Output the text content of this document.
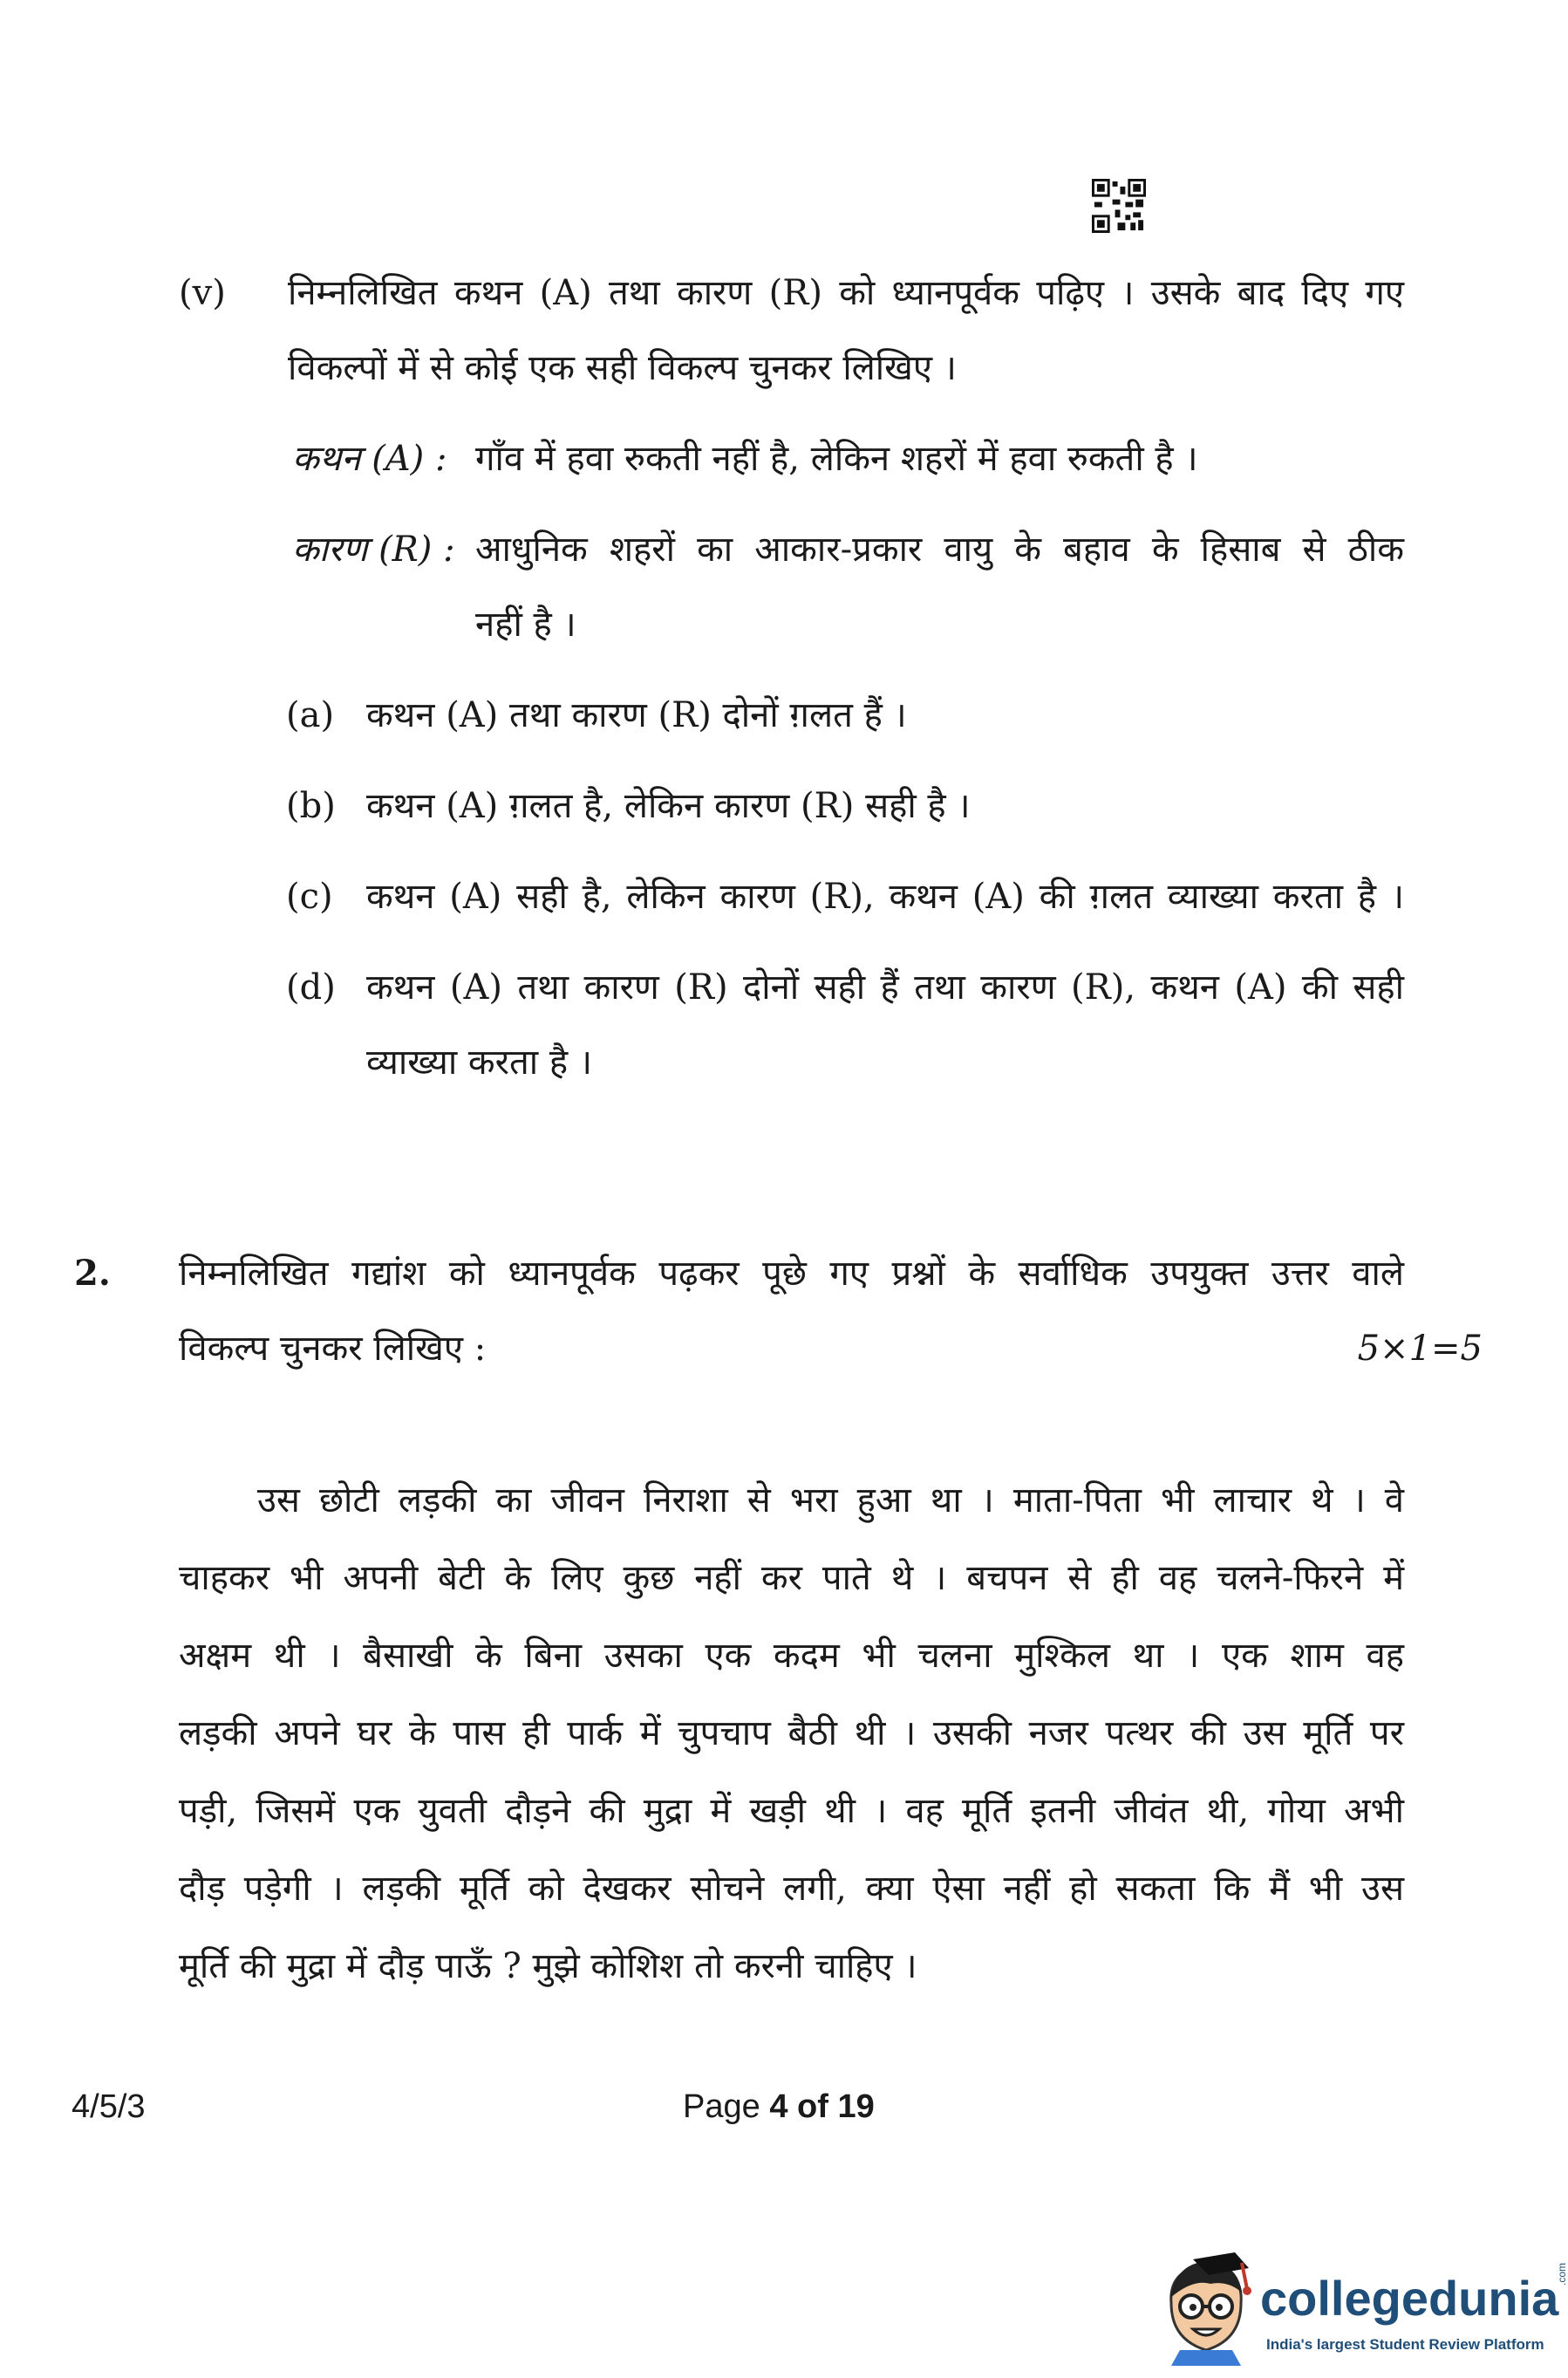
(v) निम्नलिखित कथन (A) तथा कारण (R) को ध्यानपूर्वक पढ़िए । उसके बाद दिए गए
विकल्पों में से कोई एक सही विकल्प चुनकर लिखिए ।
कथन (A) : गाँव में हवा रुकती नहीं है, लेकिन शहरों में हवा रुकती है ।
कारण (R) : आधुनिक शहरों का आकार-प्रकार वायु के बहाव के हिसाब से ठीक
नहीं है ।
(a) कथन (A) तथा कारण (R) दोनों ग़लत हैं ।
(b) कथन (A) ग़लत है, लेकिन कारण (R) सही है ।
(c) कथन (A) सही है, लेकिन कारण (R), कथन (A) की ग़लत व्याख्या करता है ।
(d) कथन (A) तथा कारण (R) दोनों सही हैं तथा कारण (R), कथन (A) की सही
व्याख्या करता है ।
2. निम्नलिखित गद्यांश को ध्यानपूर्वक पढ़कर पूछे गए प्रश्नों के सर्वाधिक उपयुक्त उत्तर वाले
विकल्प चुनकर लिखिए :	5×1=5
उस छोटी लड़की का जीवन निराशा से भरा हुआ था । माता-पिता भी लाचार थे । वे
चाहकर भी अपनी बेटी के लिए कुछ नहीं कर पाते थे । बचपन से ही वह चलने-फिरने में
अक्षम थी । बैसाखी के बिना उसका एक कदम भी चलना मुश्किल था । एक शाम वह
लड़की अपने घर के पास ही पार्क में चुपचाप बैठी थी । उसकी नजर पत्थर की उस मूर्ति पर
पड़ी, जिसमें एक युवती दौड़ने की मुद्रा में खड़ी थी । वह मूर्ति इतनी जीवंत थी, गोया अभी
दौड़ पड़ेगी । लड़की मूर्ति को देखकर सोचने लगी, क्या ऐसा नहीं हो सकता कि मैं भी उस
मूर्ति की मुद्रा में दौड़ पाऊँ ? मुझे कोशिश तो करनी चाहिए ।
4/5/3	Page 4 of 19
collegedunia
.com
India's largest Student Review Platform
